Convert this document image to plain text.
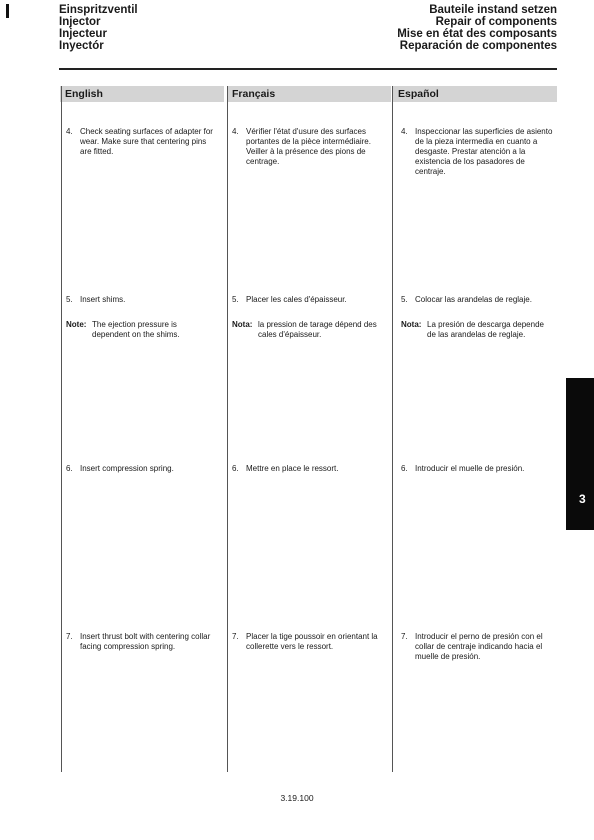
Einspritzventil
Injector
Injecteur
Inyectór
Bauteile instand setzen
Repair of components
Mise en état des composants
Reparación de componentes
English	Français	Español
4. Check seating surfaces of adapter for wear. Make sure that centering pins are fitted.
5. Insert shims.
Note: The ejection pressure is dependent on the shims.
6. Insert compression spring.
7. Insert thrust bolt with centering collar facing compression spring.
4. Vérifier l'état d'usure des surfaces portantes de la pièce intermédiaire. Veiller à la présence des pions de centrage.
5. Placer les cales d'épaisseur.
Nota: la pression de tarage dépend des cales d'épaisseur.
6. Mettre en place le ressort.
7. Placer la tige poussoir en orientant la collerette vers le ressort.
4. Inspeccionar las superficies de asiento de la pieza intermedia en cuanto a desgaste. Prestar atención a la existencia de los pasadores de centraje.
5. Colocar las arandelas de reglaje.
Nota: La presión de descarga depende de las arandelas de reglaje.
6. Introducir el muelle de presión.
7. Introducir el perno de presión con el collar de centraje indicando hacia el muelle de presión.
3
3.19.100
